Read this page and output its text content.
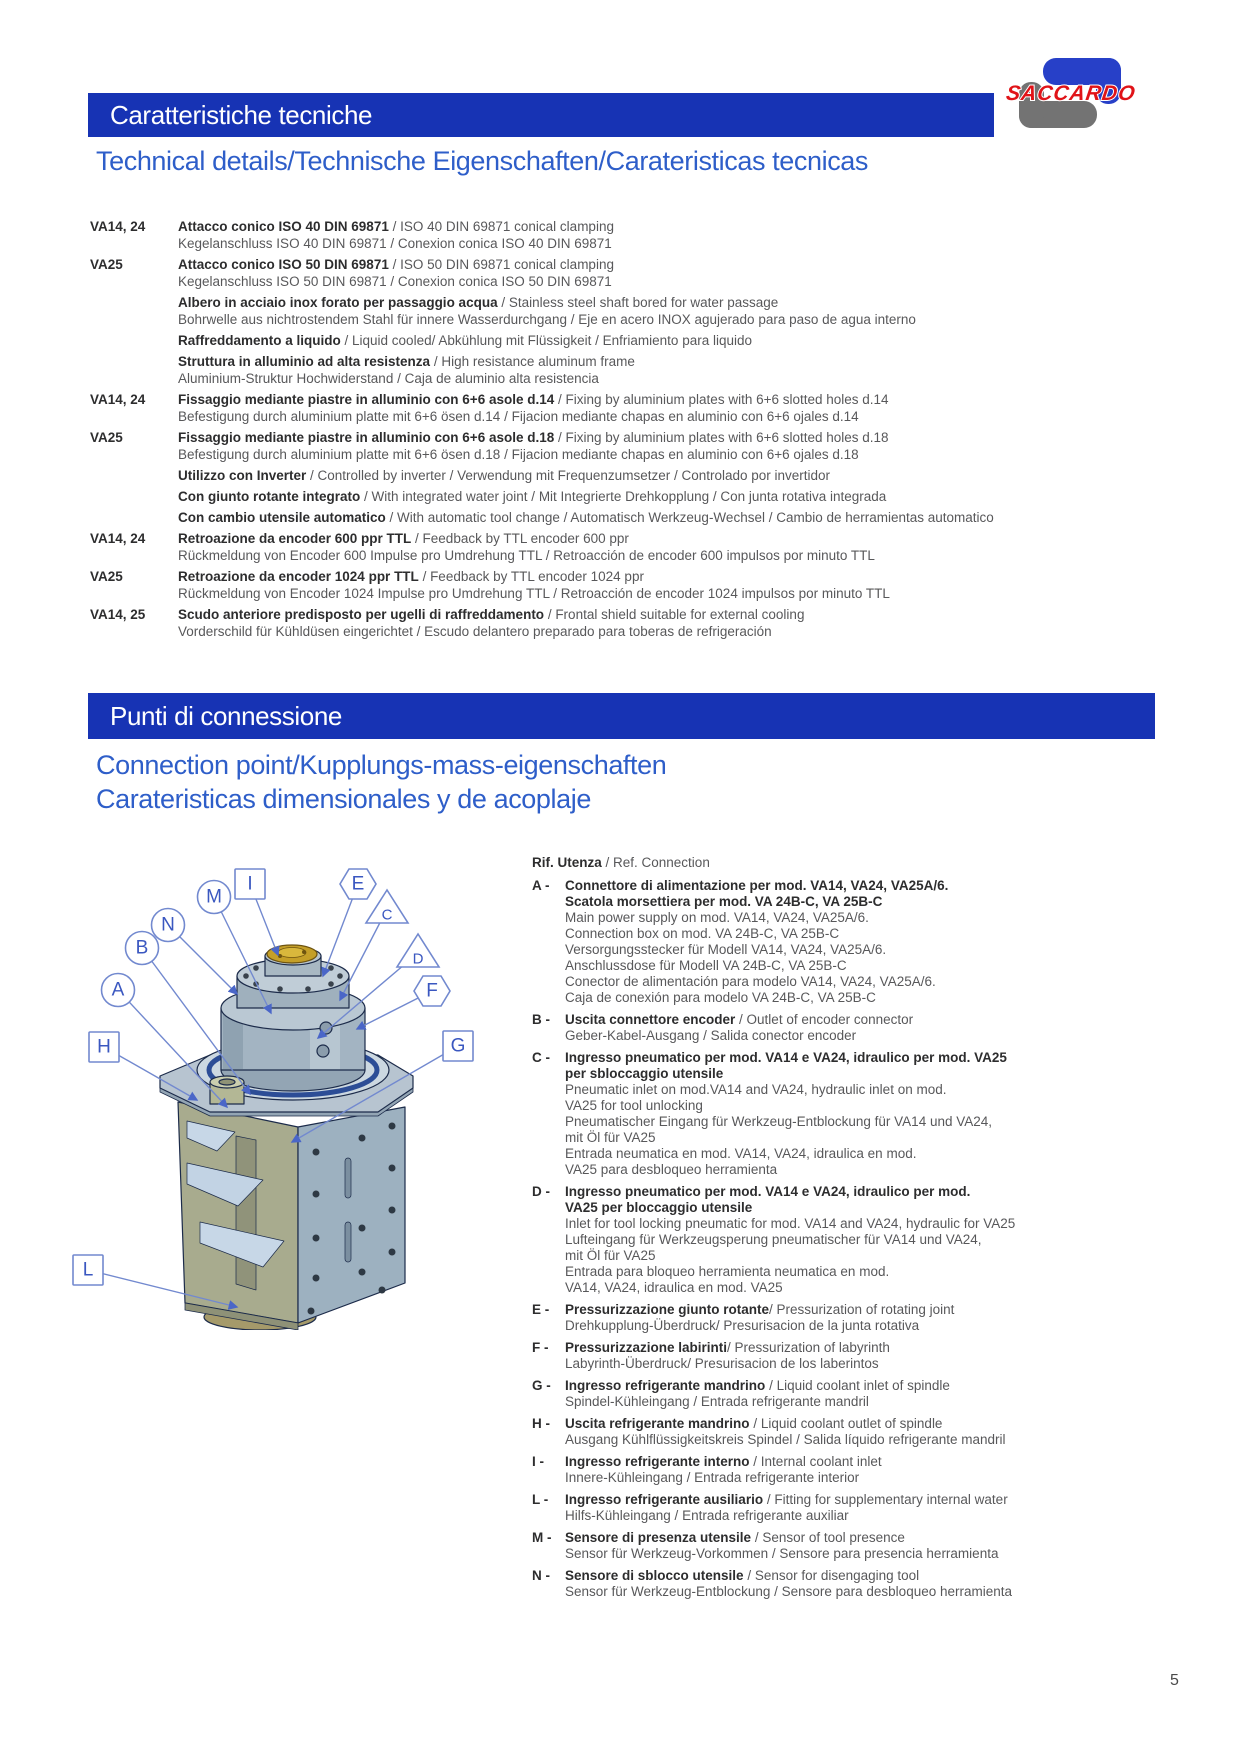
Caratteristiche tecniche
Technical details/Technische Eigenschaften/Carateristicas tecnicas
SACCARDO
VA14, 24	Attacco conico ISO 40 DIN 69871 / ISO 40 DIN 69871 conical clamping
Kegelanschluss ISO 40 DIN 69871 / Conexion conica ISO 40 DIN 69871
VA25	Attacco conico ISO 50 DIN 69871 / ISO 50 DIN 69871 conical clamping
Kegelanschluss ISO 50 DIN 69871 / Conexion conica ISO 50 DIN 69871
Albero in acciaio inox forato per passaggio acqua / Stainless steel shaft bored for water passage
Bohrwelle aus nichtrostendem Stahl für innere Wasserdurchgang / Eje en acero INOX agujerado para paso de agua interno
Raffreddamento a liquido / Liquid cooled/ Abkühlung mit Flüssigkeit / Enfriamiento para liquido
Struttura in alluminio ad alta resistenza / High resistance aluminum frame
Aluminium-Struktur Hochwiderstand / Caja de aluminio alta resistencia
VA14, 24	Fissaggio mediante piastre in alluminio con 6+6 asole d.14 / Fixing by aluminium plates with 6+6 slotted holes d.14
Befestigung durch aluminium platte mit 6+6 ösen d.14 / Fijacion mediante chapas en aluminio con 6+6 ojales d.14
VA25	Fissaggio mediante piastre in alluminio con 6+6 asole d.18 / Fixing by aluminium plates with 6+6 slotted holes d.18
Befestigung durch aluminium platte mit 6+6 ösen d.18 / Fijacion mediante chapas en aluminio con 6+6 ojales d.18
Utilizzo con Inverter / Controlled by inverter / Verwendung mit Frequenzumsetzer / Controlado por invertidor
Con giunto rotante integrato / With integrated water joint / Mit Integrierte Drehkopplung / Con junta rotativa integrada
Con cambio utensile automatico / With automatic tool change / Automatisch Werkzeug-Wechsel / Cambio de herramientas automatico
VA14, 24	Retroazione da encoder 600 ppr TTL / Feedback by TTL encoder 600 ppr
Rückmeldung von Encoder 600 Impulse pro Umdrehung TTL / Retroacción de encoder 600 impulsos por minuto TTL
VA25	Retroazione da encoder 1024 ppr TTL / Feedback by TTL encoder 1024 ppr
Rückmeldung von Encoder 1024 Impulse pro Umdrehung TTL / Retroacción de encoder 1024 impulsos por minuto TTL
VA14, 25	Scudo anteriore predisposto per ugelli di raffreddamento / Frontal shield suitable for external cooling
Vorderschild für Kühldüsen eingerichtet / Escudo delantero preparado para toberas de refrigeración
Punti di connessione
Connection point/Kupplungs-mass-eigenschaften
Carateristicas dimensionales y de acoplaje
A
B
N
M
I	E
C
D
F
H	G
L
Rif. Utenza / Ref. Connection
A -	Connettore di alimentazione per mod. VA14, VA24, VA25A/6.
Scatola morsettiera per mod. VA 24B-C, VA 25B-C
Main power supply on mod. VA14, VA24, VA25A/6.
Connection box on mod. VA 24B-C, VA 25B-C
Versorgungsstecker für Modell VA14, VA24, VA25A/6.
Anschlussdose für Modell VA 24B-C, VA 25B-C
Conector de alimentación para modelo VA14, VA24, VA25A/6.
Caja de conexión para modelo VA 24B-C, VA 25B-C
B -	Uscita connettore encoder / Outlet of encoder connector
Geber-Kabel-Ausgang / Salida conector encoder
C -	Ingresso pneumatico per mod. VA14 e VA24, idraulico per mod. VA25
per sbloccaggio utensile
Pneumatic inlet on mod.VA14 and VA24, hydraulic inlet on mod.
VA25 for tool unlocking
Pneumatischer Eingang für Werkzeug-Entblockung für VA14 und VA24,
mit Öl für VA25
Entrada neumatica en mod. VA14, VA24, idraulica en mod.
VA25 para desbloqueo herramienta
D -	Ingresso pneumatico per mod. VA14 e VA24, idraulico per mod.
VA25 per bloccaggio utensile
Inlet for tool locking pneumatic for mod. VA14 and VA24, hydraulic for VA25
Lufteingang für Werkzeugsperung pneumatischer für VA14 und VA24,
mit Öl für VA25
Entrada para bloqueo herramienta neumatica en mod.
VA14, VA24, idraulica en mod. VA25
E -	Pressurizzazione giunto rotante/ Pressurization of rotating joint
Drehkupplung-Überdruck/ Presurisacion de la junta rotativa
F -	Pressurizzazione labirinti/ Pressurization of labyrinth
Labyrinth-Überdruck/ Presurisacion de los laberintos
G -	Ingresso refrigerante mandrino / Liquid coolant inlet of spindle
Spindel-Kühleingang / Entrada refrigerante mandril
H -	Uscita refrigerante mandrino / Liquid coolant outlet of spindle
Ausgang Kühlflüssigkeitskreis Spindel / Salida líquido refrigerante mandril
I -	Ingresso refrigerante interno / Internal coolant inlet
Innere-Kühleingang / Entrada refrigerante interior
L -	Ingresso refrigerante ausiliario / Fitting for supplementary internal water
Hilfs-Kühleingang / Entrada refrigerante auxiliar
M -	Sensore di presenza utensile / Sensor of tool presence
Sensor für Werkzeug-Vorkommen / Sensore para presencia herramienta
N -	Sensore di sblocco utensile / Sensor for disengaging tool
Sensor für Werkzeug-Entblockung / Sensore para desbloqueo herramienta
5
